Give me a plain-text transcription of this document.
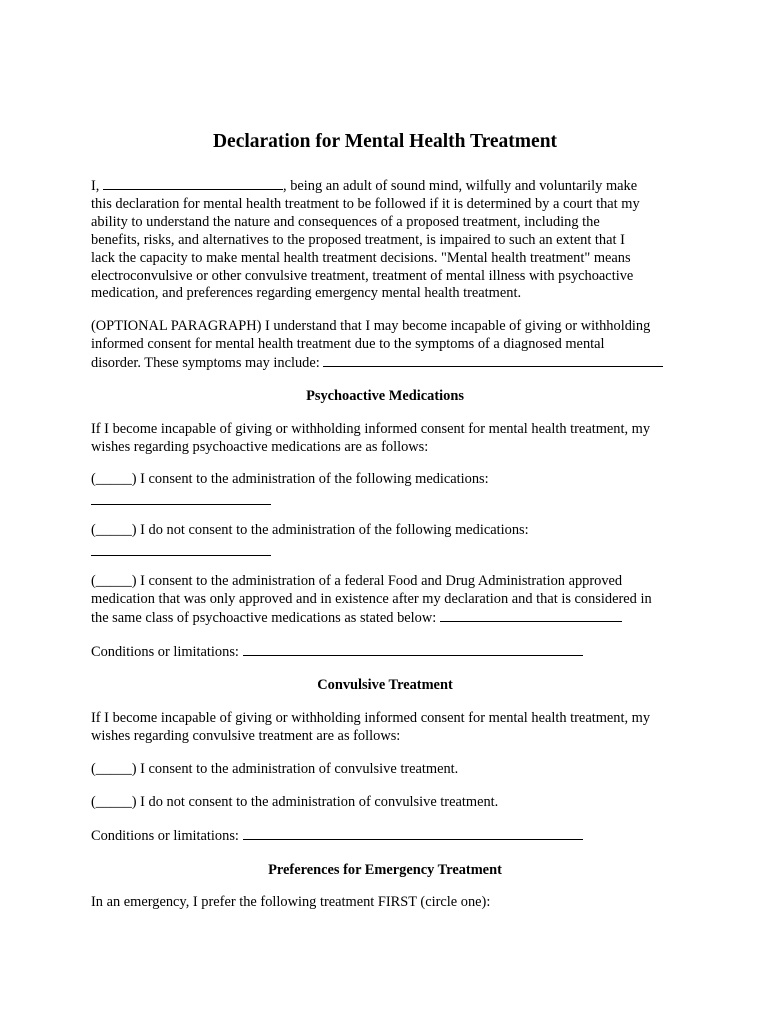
Declaration for Mental Health Treatment
I,	, being an adult of sound mind, wilfully and voluntarily make
this declaration for mental health treatment to be followed if it is determined by a court that my
ability to understand the nature and consequences of a proposed treatment, including the
benefits, risks, and alternatives to the proposed treatment, is impaired to such an extent that I
lack the capacity to make mental health treatment decisions. "Mental health treatment" means
electroconvulsive or other convulsive treatment, treatment of mental illness with psychoactive
medication, and preferences regarding emergency mental health treatment.
(OPTIONAL PARAGRAPH) I understand that I may become incapable of giving or withholding
informed consent for mental health treatment due to the symptoms of a diagnosed mental
disorder. These symptoms may include:
Psychoactive Medications
If I become incapable of giving or withholding informed consent for mental health treatment, my
wishes regarding psychoactive medications are as follows:
(_____) I consent to the administration of the following medications:
(_____) I do not consent to the administration of the following medications:
(_____) I consent to the administration of a federal Food and Drug Administration approved
medication that was only approved and in existence after my declaration and that is considered in
the same class of psychoactive medications as stated below:
Conditions or limitations:
Convulsive Treatment
If I become incapable of giving or withholding informed consent for mental health treatment, my
wishes regarding convulsive treatment are as follows:
(_____) I consent to the administration of convulsive treatment.
(_____) I do not consent to the administration of convulsive treatment.
Conditions or limitations:
Preferences for Emergency Treatment
In an emergency, I prefer the following treatment FIRST (circle one):
